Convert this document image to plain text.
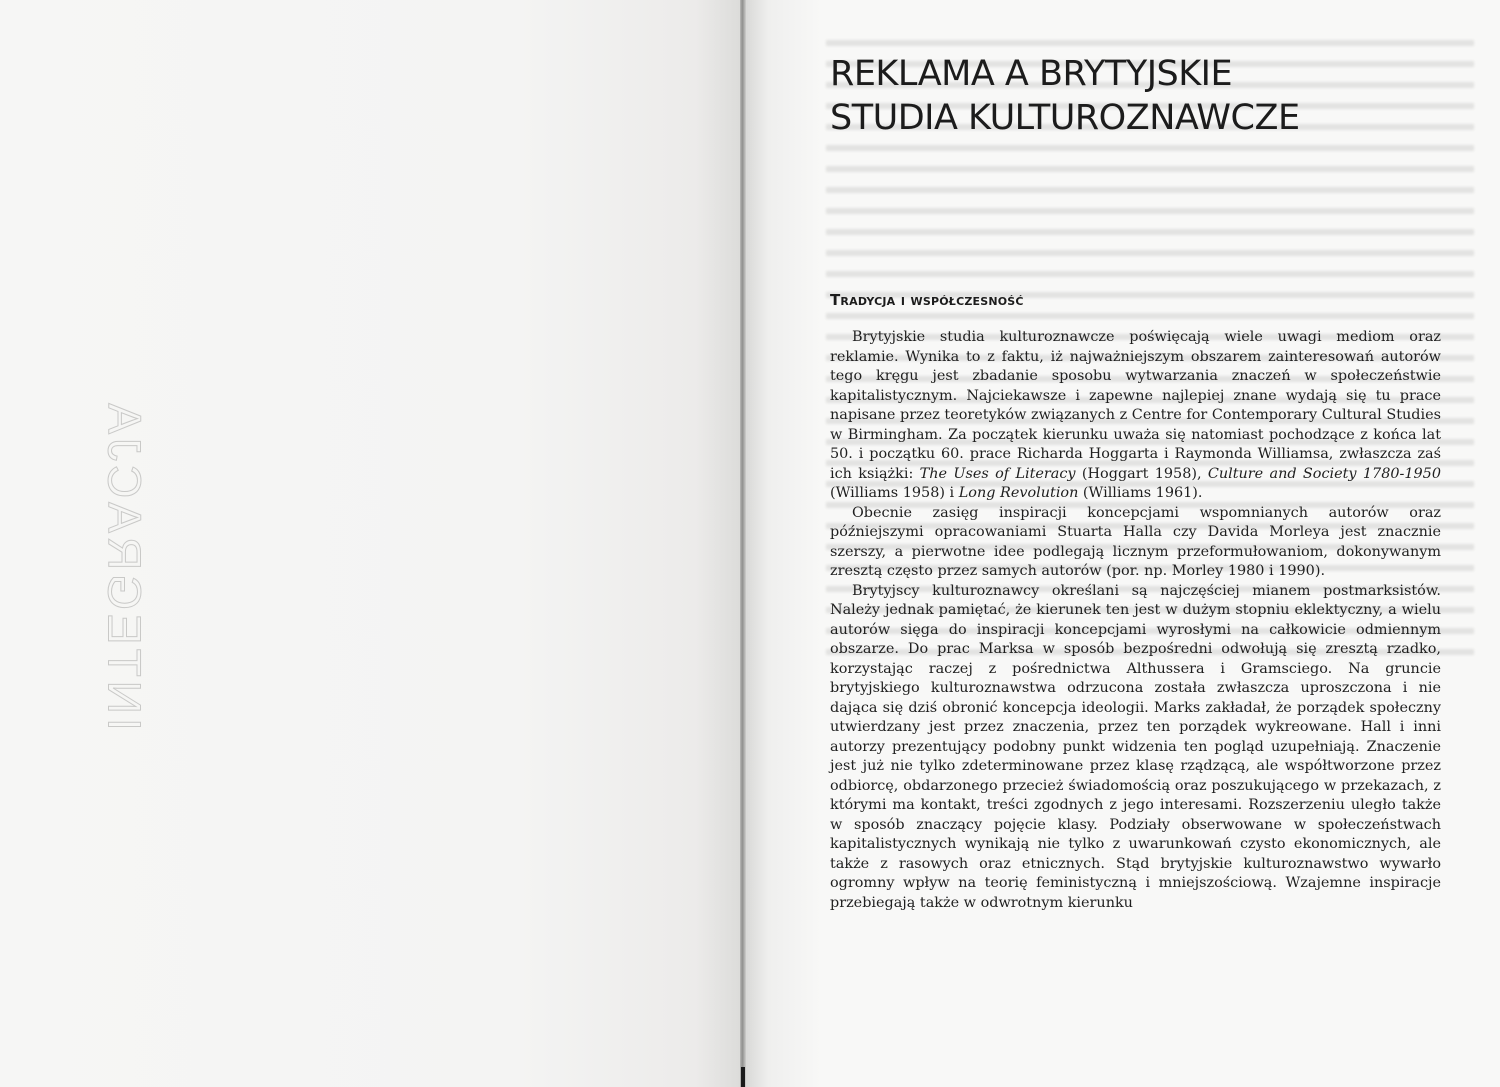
INTEGRACJA
REKLAMA A BRYTYJSKIE
STUDIA KULTUROZNAWCZE
Tradycja i współczesność

Brytyjskie studia kulturoznawcze poświęcają wiele uwagi mediom oraz reklamie. Wynika to z faktu, iż najważniejszym obszarem zainteresowań autorów tego kręgu jest zbadanie sposobu wytwarzania znaczeń w społeczeństwie kapitalistycznym. Najciekawsze i zapewne najlepiej znane wydają się tu prace napisane przez teoretyków związanych z Centre for Contemporary Cultural Studies w Birmingham. Za początek kierunku uważa się natomiast pochodzące z końca lat 50. i początku 60. prace Richarda Hoggarta i Raymonda Williamsa, zwłaszcza zaś ich książki: The Uses of Literacy (Hoggart 1958), Culture and Society 1780-1950 (Williams 1958) i Long Revolution (Williams 1961).

Obecnie zasięg inspiracji koncepcjami wspomnianych autorów oraz późniejszymi opracowaniami Stuarta Halla czy Davida Morleya jest znacznie szerszy, a pierwotne idee podlegają licznym przeformułowaniom, dokonywanym zresztą często przez samych autorów (por. np. Morley 1980 i 1990).

Brytyjscy kulturoznawcy określani są najczęściej mianem postmarksistów. Należy jednak pamiętać, że kierunek ten jest w dużym stopniu eklektyczny, a wielu autorów sięga do inspiracji koncepcjami wyrosłymi na całkowicie odmiennym obszarze. Do prac Marksa w sposób bezpośredni odwołują się zresztą rzadko, korzystając raczej z pośrednictwa Althussera i Gramsciego. Na gruncie brytyjskiego kulturoznawstwa odrzucona została zwłaszcza uproszczona i nie dająca się dziś obronić koncepcja ideologii. Marks zakładał, że porządek społeczny utwierdzany jest przez znaczenia, przez ten porządek wykreowane. Hall i inni autorzy prezentujący podobny punkt widzenia ten pogląd uzupełniają. Znaczenie jest już nie tylko zdeterminowane przez klasę rządzącą, ale współtworzone przez odbiorcę, obdarzonego przecież świadomością oraz poszukującego w przekazach, z którymi ma kontakt, treści zgodnych z jego interesami. Rozszerzeniu uległo także w sposób znaczący pojęcie klasy. Podziały obserwowane w społeczeństwach kapitalistycznych wynikają nie tylko z uwarunkowań czysto ekonomicznych, ale także z rasowych oraz etnicznych. Stąd brytyjskie kulturoznawstwo wywarło ogromny wpływ na teorię feministyczną i mniejszościową. Wzajemne inspiracje przebiegają także w odwrotnym kierunku
